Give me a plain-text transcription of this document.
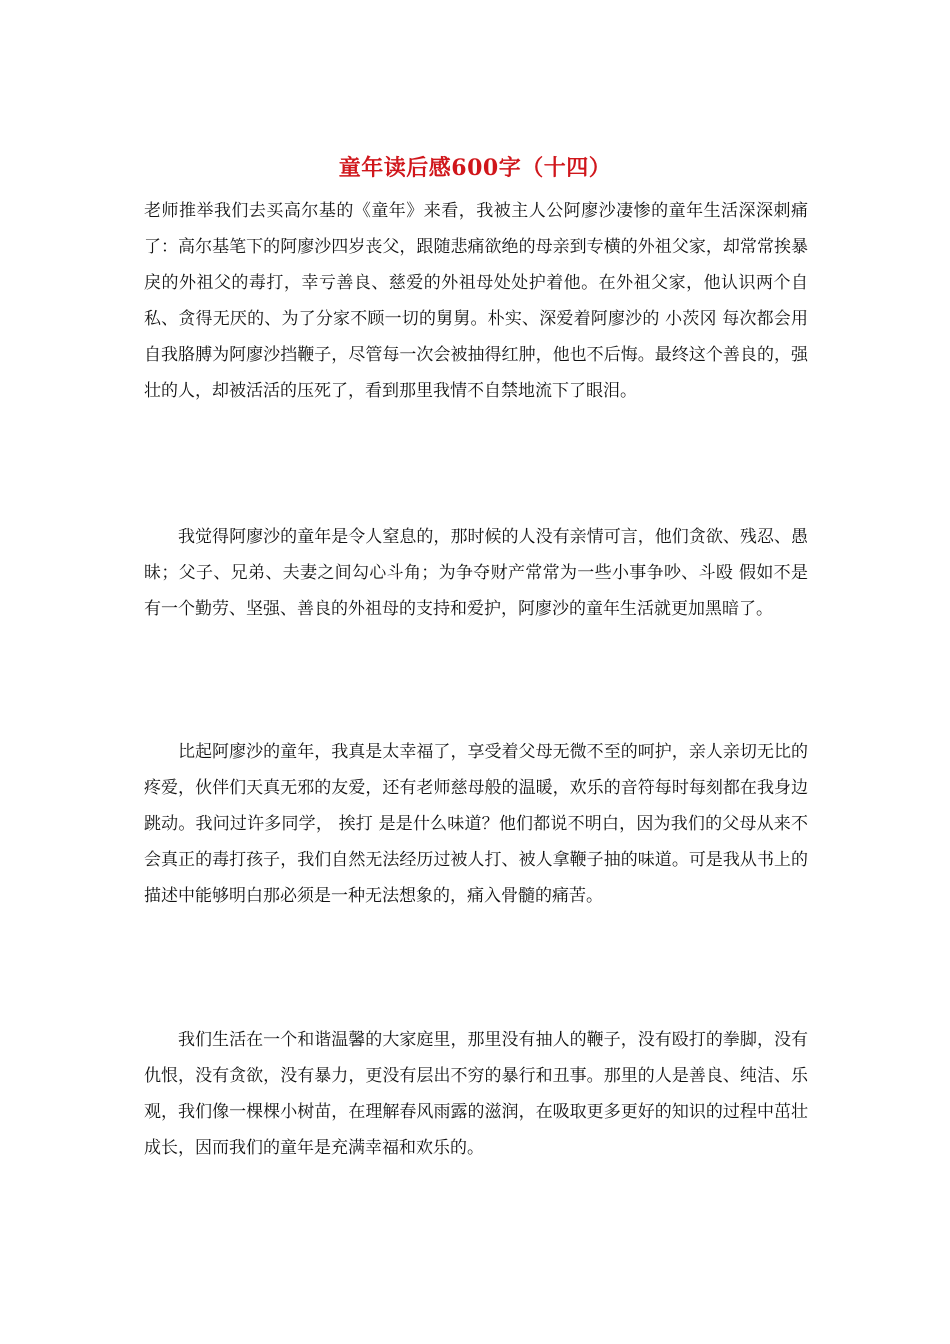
童年读后感600字（十四）

老师推举我们去买高尔基的《童年》来看，我被主人公阿廖沙凄惨的童年生活深深刺痛了：高尔基笔下的阿廖沙四岁丧父，跟随悲痛欲绝的母亲到专横的外祖父家，却常常挨暴戾的外祖父的毒打，幸亏善良、慈爱的外祖母处处护着他。在外祖父家，他认识两个自私、贪得无厌的、为了分家不顾一切的舅舅。朴实、深爱着阿廖沙的 小茨冈 每次都会用自我胳膊为阿廖沙挡鞭子，尽管每一次会被抽得红肿，他也不后悔。最终这个善良的，强壮的人，却被活活的压死了，看到那里我情不自禁地流下了眼泪。

我觉得阿廖沙的童年是令人窒息的，那时候的人没有亲情可言，他们贪欲、残忍、愚昧；父子、兄弟、夫妻之间勾心斗角；为争夺财产常常为一些小事争吵、斗殴 假如不是有一个勤劳、坚强、善良的外祖母的支持和爱护，阿廖沙的童年生活就更加黑暗了。

比起阿廖沙的童年，我真是太幸福了，享受着父母无微不至的呵护，亲人亲切无比的疼爱，伙伴们天真无邪的友爱，还有老师慈母般的温暖，欢乐的音符每时每刻都在我身边跳动。我问过许多同学， 挨打 是是什么味道？他们都说不明白，因为我们的父母从来不会真正的毒打孩子，我们自然无法经历过被人打、被人拿鞭子抽的味道。可是我从书上的描述中能够明白那必须是一种无法想象的，痛入骨髓的痛苦。

我们生活在一个和谐温馨的大家庭里，那里没有抽人的鞭子，没有殴打的拳脚，没有仇恨，没有贪欲，没有暴力，更没有层出不穷的暴行和丑事。那里的人是善良、纯洁、乐观，我们像一棵棵小树苗，在理解春风雨露的滋润，在吸取更多更好的知识的过程中茁壮成长，因而我们的童年是充满幸福和欢乐的。
